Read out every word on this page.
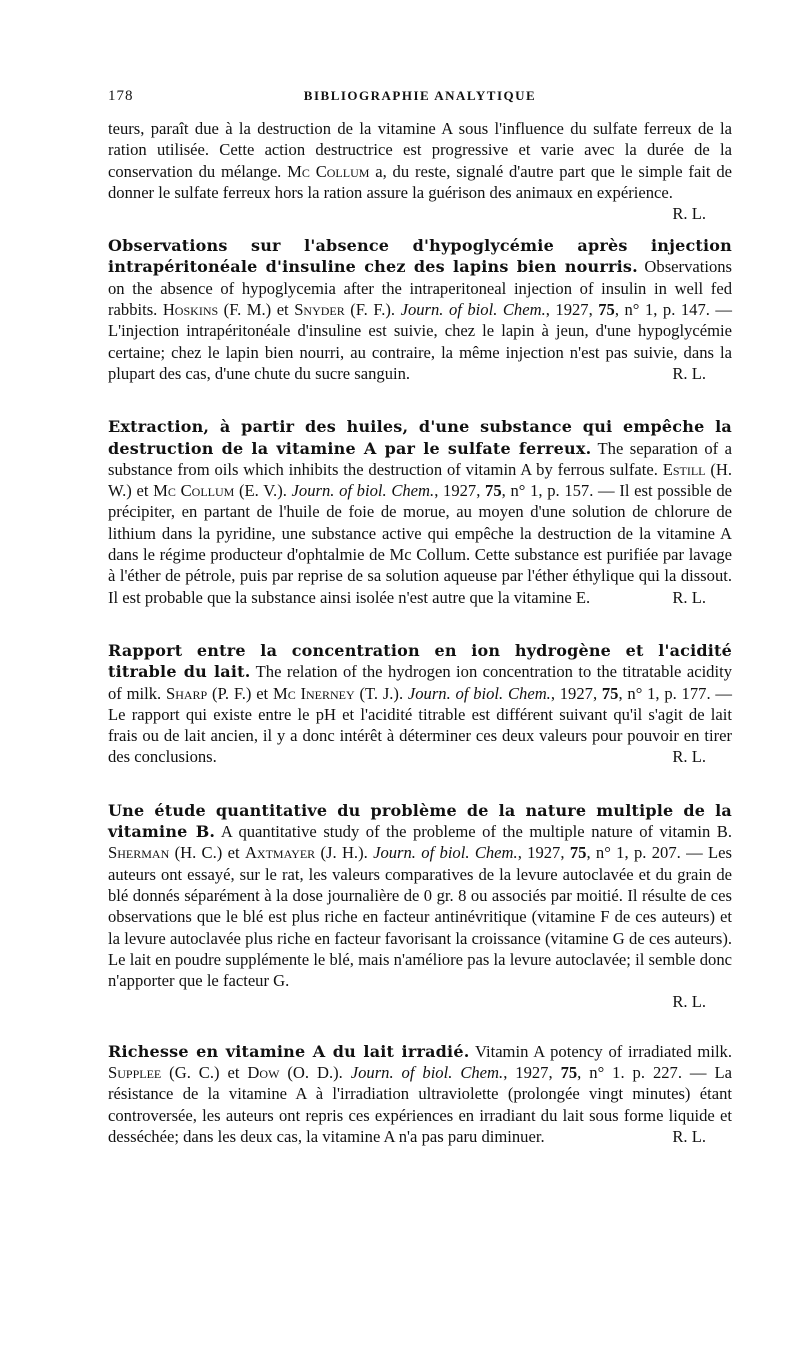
178	BIBLIOGRAPHIE ANALYTIQUE

teurs, paraît due à la destruction de la vitamine A sous l'influence du sulfate ferreux de la ration utilisée. Cette action destructrice est progressive et varie avec la durée de la conservation du mélange. Mc Collum a, du reste, signalé d'autre part que le simple fait de donner le sulfate ferreux hors la ration assure la guérison des animaux en expérience.
R. L.

Observations sur l'absence d'hypoglycémie après injection intrapéritonéale d'insuline chez des lapins bien nourris. Observations on the absence of hypoglycemia after the intraperitoneal injection of insulin in well fed rabbits. Hoskins (F. M.) et Snyder (F. F.). Journ. of biol. Chem., 1927, 75, n° 1, p. 147. — L'injection intrapéritonéale d'insuline est suivie, chez le lapin à jeun, d'une hypoglycémie certaine; chez le lapin bien nourri, au contraire, la même injection n'est pas suivie, dans la plupart des cas, d'une chute du sucre sanguin.	R. L.

Extraction, à partir des huiles, d'une substance qui empêche la destruction de la vitamine A par le sulfate ferreux. The separation of a substance from oils which inhibits the destruction of vitamin A by ferrous sulfate. Estill (H. W.) et Mc Collum (E. V.). Journ. of biol. Chem., 1927, 75, n° 1, p. 157. — Il est possible de précipiter, en partant de l'huile de foie de morue, au moyen d'une solution de chlorure de lithium dans la pyridine, une substance active qui empêche la destruction de la vitamine A dans le régime producteur d'ophtalmie de Mc Collum. Cette substance est purifiée par lavage à l'éther de pétrole, puis par reprise de sa solution aqueuse par l'éther éthylique qui la dissout. Il est probable que la substance ainsi isolée n'est autre que la vitamine E.	R. L.

Rapport entre la concentration en ion hydrogène et l'acidité titrable du lait. The relation of the hydrogen ion concentration to the titratable acidity of milk. Sharp (P. F.) et Mc Inerney (T. J.). Journ. of biol. Chem., 1927, 75, n° 1, p. 177. — Le rapport qui existe entre le pH et l'acidité titrable est différent suivant qu'il s'agit de lait frais ou de lait ancien, il y a donc intérêt à déterminer ces deux valeurs pour pouvoir en tirer des conclusions.	R. L.

Une étude quantitative du problème de la nature multiple de la vitamine B. A quantitative study of the probleme of the multiple nature of vitamin B. Sherman (H. C.) et Axtmayer (J. H.). Journ. of biol. Chem., 1927, 75, n° 1, p. 207. — Les auteurs ont essayé, sur le rat, les valeurs comparatives de la levure autoclavée et du grain de blé donnés séparément à la dose journalière de 0 gr. 8 ou associés par moitié. Il résulte de ces observations que le blé est plus riche en facteur antinévritique (vitamine F de ces auteurs) et la levure autoclavée plus riche en facteur favorisant la croissance (vitamine G de ces auteurs). Le lait en poudre supplémente le blé, mais n'améliore pas la levure autoclavée; il semble donc n'apporter que le facteur G.

R. L.

Richesse en vitamine A du lait irradié. Vitamin A potency of irradiated milk. Supplee (G. C.) et Dow (O. D.). Journ. of biol. Chem., 1927, 75, n° 1. p. 227. — La résistance de la vitamine A à l'irradiation ultraviolette (prolongée vingt minutes) étant controversée, les auteurs ont repris ces expériences en irradiant du lait sous forme liquide et desséchée; dans les deux cas, la vitamine A n'a pas paru diminuer.	R. L.
